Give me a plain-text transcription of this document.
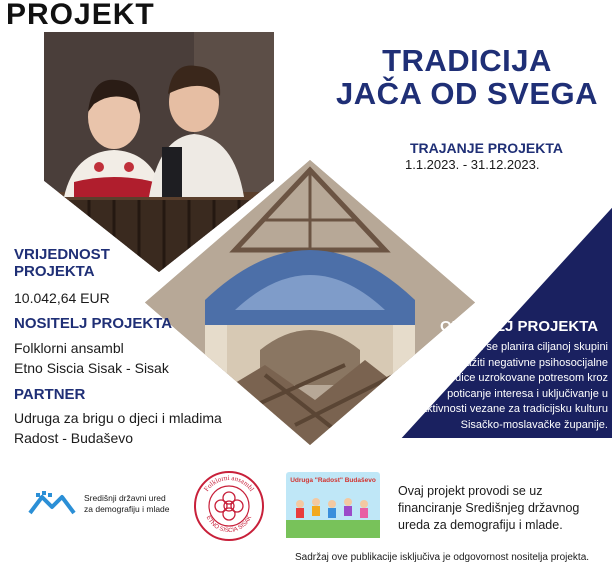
PROJEKT
TRADICIJA
JAČA OD SVEGA
TRAJANJE PROJEKTA
1.1.2023. - 31.12.2023.
VRIJEDNOST
PROJEKTA
10.042,64 EUR
NOSITELJ PROJEKTA
Folklorni ansambl
Etno Siscia Sisak - Sisak
PARTNER
Udruga za brigu o djeci i mladima
Radost - Budaševo
OPĆI CILJ PROJEKTA
Projektom se planira ciljanoj skupini
mladih ublažiti negativne psihosocijalne
posljedice uzrokovane potresom kroz
poticanje interesa i uključivanje u
aktivnosti vezane za tradicijsku kulturu
Sisačko-moslavačke županije.
Središnji državni ured
za demografiju i mlade
Folklorni ansambl
ETNO SISCIA SISAK
Udruga "Radost" Budaševo
Ovaj projekt provodi se uz
financiranje Središnjeg državnog
ureda za demografiju i mlade.
Sadržaj ove publikacije isključiva je odgovornost nositelja projekta.
